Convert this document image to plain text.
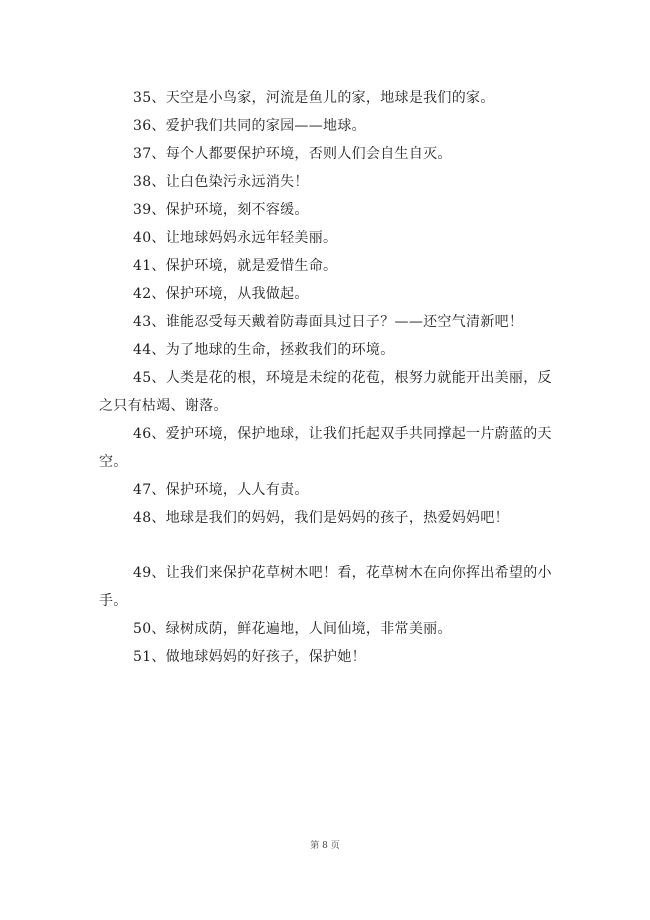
35、天空是小鸟家，河流是鱼儿的家，地球是我们的家。
36、爱护我们共同的家园——地球。
37、每个人都要保护环境，否则人们会自生自灭。
38、让白色染污永远消失！
39、保护环境，刻不容缓。
40、让地球妈妈永远年轻美丽。
41、保护环境，就是爱惜生命。
42、保护环境，从我做起。
43、谁能忍受每天戴着防毒面具过日子？——还空气清新吧！
44、为了地球的生命，拯救我们的环境。
45、人类是花的根，环境是未绽的花苞，根努力就能开出美丽，反之只有枯竭、谢落。
46、爱护环境，保护地球，让我们托起双手共同撑起一片蔚蓝的天空。
47、保护环境，人人有责。
48、地球是我们的妈妈，我们是妈妈的孩子，热爱妈妈吧！
49、让我们来保护花草树木吧！看，花草树木在向你挥出希望的小手。
50、绿树成荫，鲜花遍地，人间仙境，非常美丽。
51、做地球妈妈的好孩子，保护她！
第 8 页
